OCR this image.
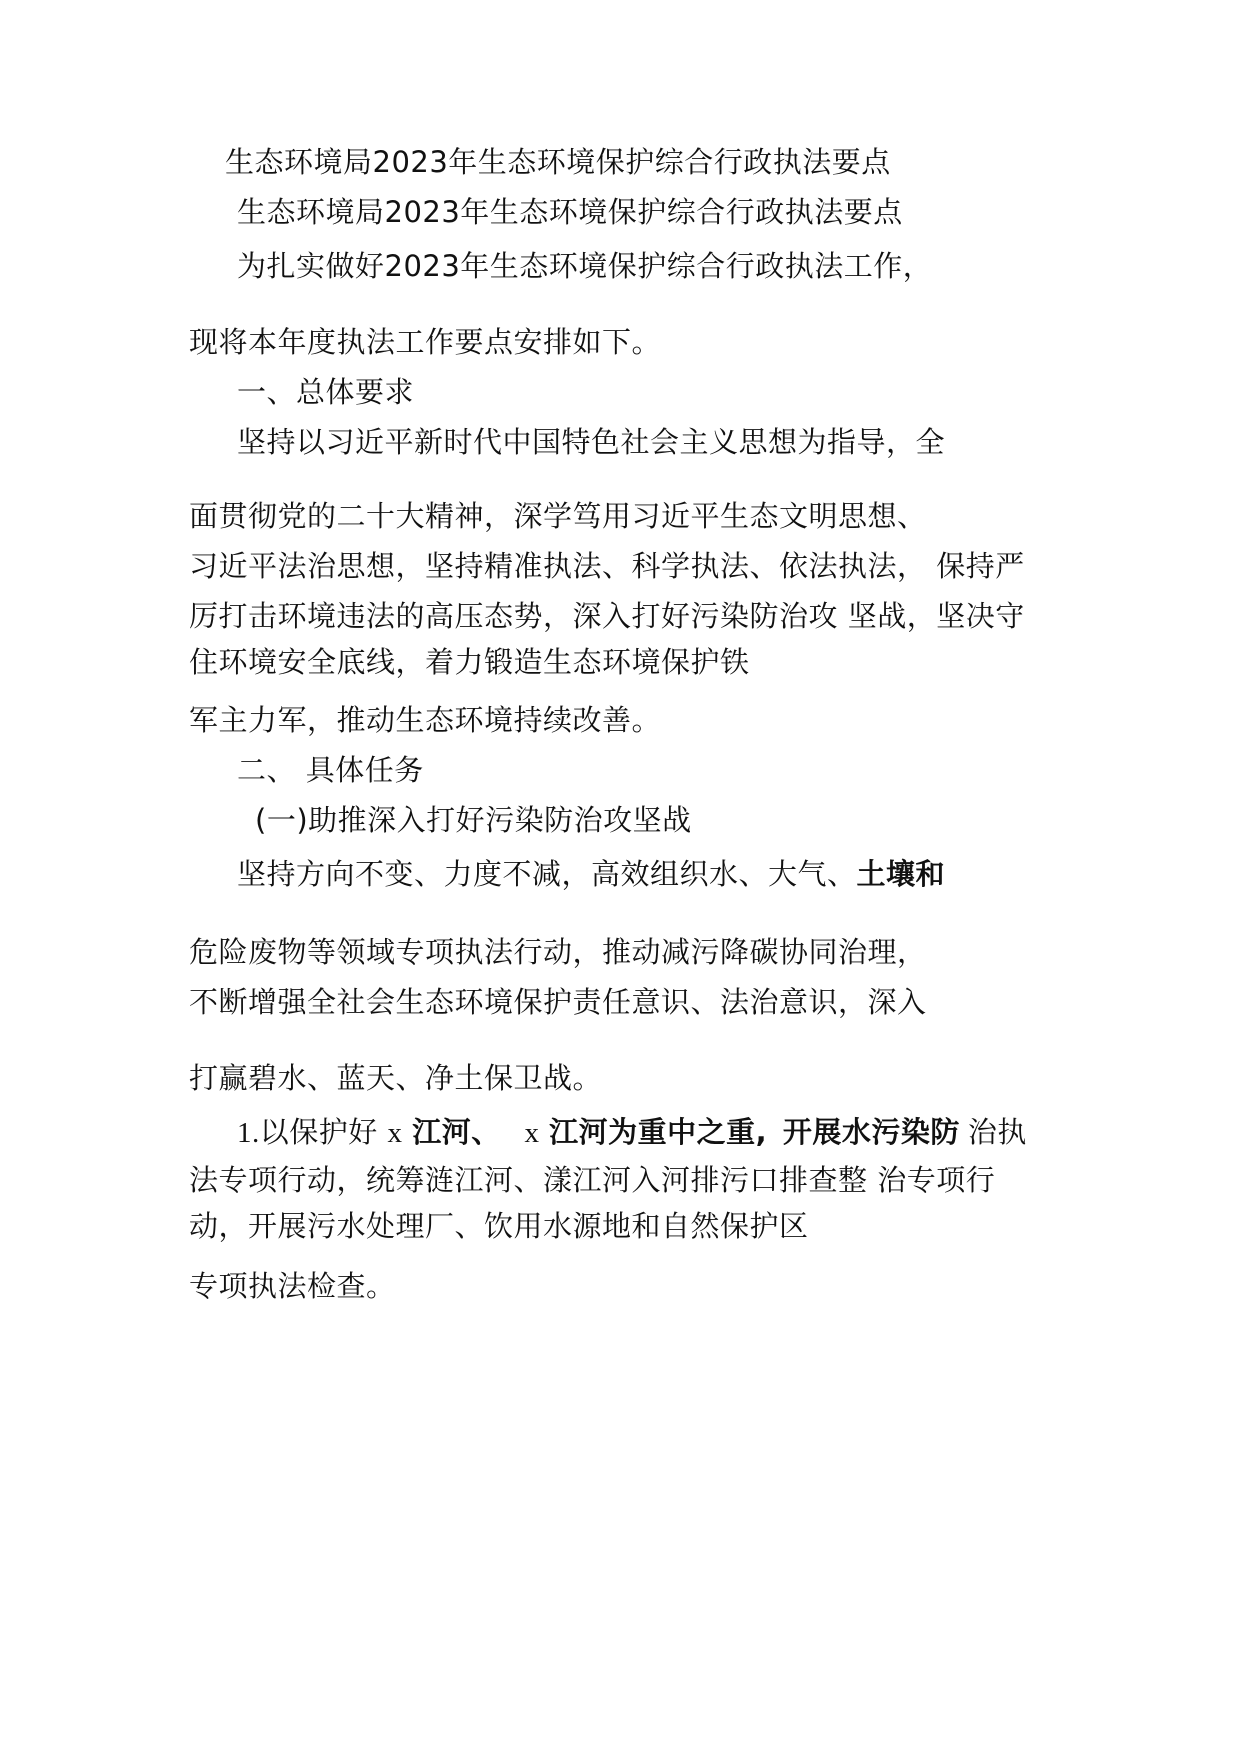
生态环境局2023年生态环境保护综合行政执法要点
生态环境局2023年生态环境保护综合行政执法要点
为扎实做好2023年生态环境保护综合行政执法工作，
现将本年度执法工作要点安排如下。
一、总体要求
坚持以习近平新时代中国特色社会主义思想为指导，全
面贯彻党的二十大精神，深学笃用习近平生态文明思想、
习近平法治思想，坚持精准执法、科学执法、依法执法， 保持严
厉打击环境违法的高压态势，深入打好污染防治攻 坚战，坚决守
住环境安全底线，着力锻造生态环境保护铁
军主力军，推动生态环境持续改善。
二、 具体任务
(一)助推深入打好污染防治攻坚战
坚持方向不变、力度不减，高效组织水、大气、土壤和
危险废物等领域专项执法行动，推动减污降碳协同治理，
不断增强全社会生态环境保护责任意识、法治意识，深入
打赢碧水、蓝天、净土保卫战。
1.以保护好 x 江河、 x 江河为重中之重, 开展水污染防 治执
法专项行动，统筹涟江河、漾江河入河排污口排查整 治专项行
动，开展污水处理厂、饮用水源地和自然保护区
专项执法检查。
